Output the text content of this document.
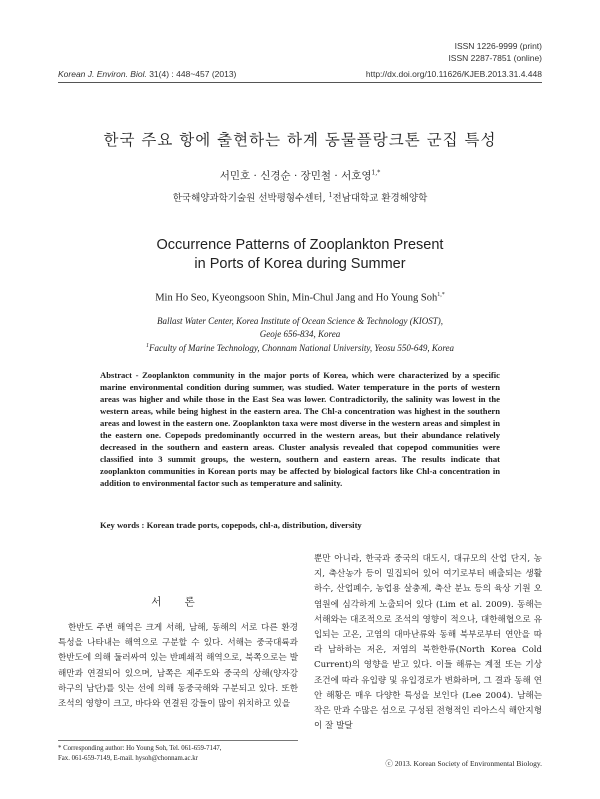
ISSN 1226-9999 (print)
ISSN 2287-7851 (online)
Korean J. Environ. Biol. 31(4) : 448~457 (2013)	http://dx.doi.org/10.11626/KJEB.2013.31.4.448
한국 주요 항에 출현하는 하계 동물플랑크톤 군집 특성
서민호 · 신경순 · 장민철 · 서호영$^{1,*}$
한국해양과학기술원 선박평형수센터, $^1$전남대학교 환경해양학
Occurrence Patterns of Zooplankton Present
in Ports of Korea during Summer
Min Ho Seo, Kyeongsoon Shin, Min-Chul Jang and Ho Young Soh$^{1,*}$
Ballast Water Center, Korea Institute of Ocean Science & Technology (KIOST),
Geoje 656-834, Korea
$^1$Faculty of Marine Technology, Chonnam National University, Yeosu 550-649, Korea
Abstract - Zooplankton community in the major ports of Korea, which were characterized by a specific marine environmental condition during summer, was studied. Water temperature in the ports of western areas was higher and while those in the East Sea was lower. Contradictorily, the salinity was lowest in the western areas, while being highest in the eastern area. The Chl-a concentration was highest in the southern areas and lowest in the eastern one. Zooplankton taxa were most diverse in the western areas and simplest in the eastern one. Copepods predominantly occurred in the western areas, but their abundance relatively decreased in the southern and eastern areas. Cluster analysis revealed that copepod communities were classified into 3 summit groups, the western, southern and eastern areas. The results indicate that zooplankton communities in Korean ports may be affected by biological factors like Chl-a concentration in addition to environmental factor such as temperature and salinity.
Key words : Korean trade ports, copepods, chl-a, distribution, diversity
서 론
한반도 주변 해역은 크게 서해, 남해, 동해의 서로 다른 환경 특성을 나타내는 해역으로 구분할 수 있다. 서해는 중국대륙과 한반도에 의해 둘러싸여 있는 반폐쇄적 해역으로, 북쪽으로는 발해만과 연결되어 있으며, 남쪽은 제주도와 중국의 상해(양자강 하구의 남단)를 잇는 선에 의해 동중국해와 구분되고 있다. 또한 조석의 영향이 크고, 바다와 연결된 강들이 많이 위치하고 있을
뿐만 아니라, 한국과 중국의 대도시, 대규모의 산업 단지, 농지, 축산농가 등이 밀집되어 있어 여기로부터 배출되는 생활하수, 산업폐수, 농업용 살충제, 축산 분뇨 등의 육상 기원 오염원에 심각하게 노출되어 있다 (Lim et al. 2009). 동해는 서해와는 대조적으로 조석의 영향이 적으나, 대한해협으로 유입되는 고온, 고염의 대마난류와 동해 북부로부터 연안을 따라 남하하는 저온, 저염의 북한한류(North Korea Cold Current)의 영향을 받고 있다. 이들 해류는 계절 또는 기상 조건에 따라 유입량 및 유입경로가 변화하며, 그 결과 동해 연안 해황은 매우 다양한 특성을 보인다 (Lee 2004). 남해는 작은 만과 수많은 섬으로 구성된 전형적인 리아스식 해안지형이 잘 발달
* Corresponding author: Ho Young Soh, Tel. 061-659-7147,
Fax. 061-659-7149, E-mail. hysoh@chonnam.ac.kr
ⓒ 2013. Korean Society of Environmental Biology.
